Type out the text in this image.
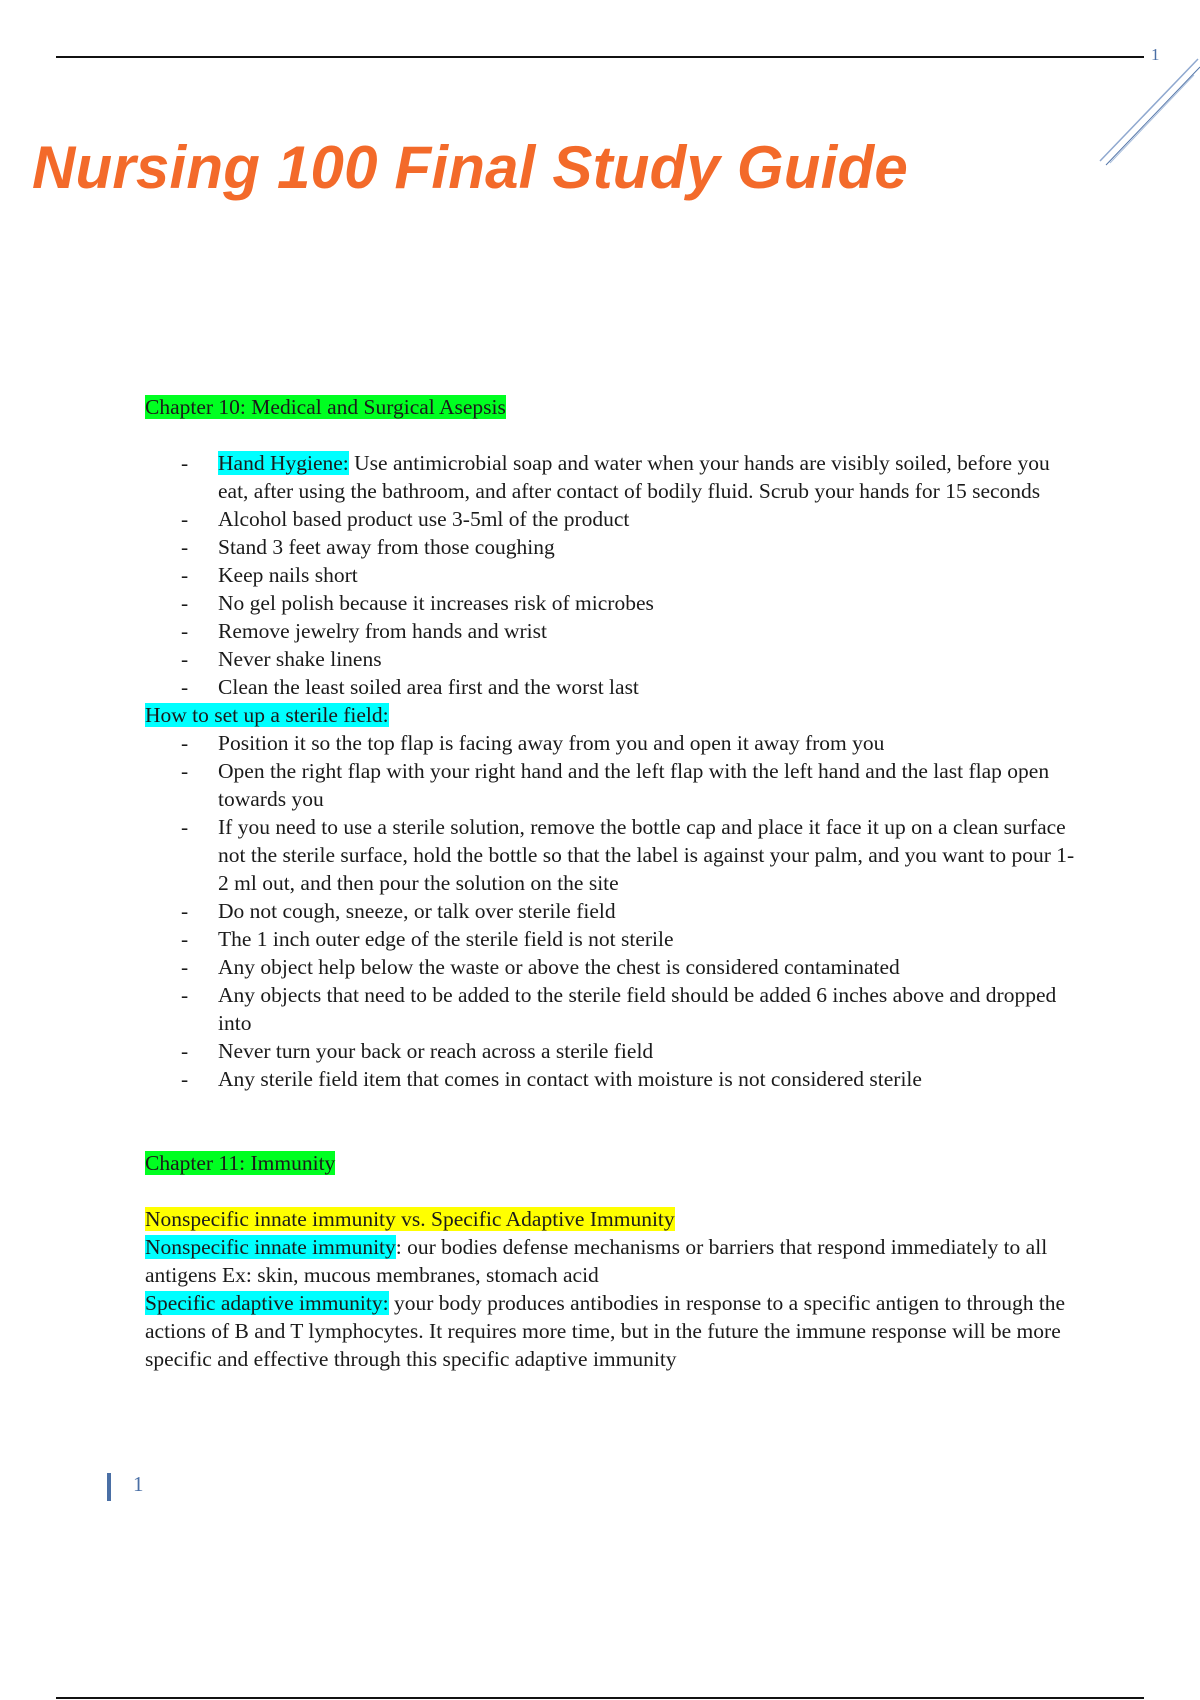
1
Nursing 100 Final Study Guide
Chapter 10: Medical and Surgical Asepsis
- Hand Hygiene: Use antimicrobial soap and water when your hands are visibly soiled, before you eat, after using the bathroom, and after contact of bodily fluid. Scrub your hands for 15 seconds
- Alcohol based product use 3-5ml of the product
- Stand 3 feet away from those coughing
- Keep nails short
- No gel polish because it increases risk of microbes
- Remove jewelry from hands and wrist
- Never shake linens
- Clean the least soiled area first and the worst last
How to set up a sterile field:
- Position it so the top flap is facing away from you and open it away from you
- Open the right flap with your right hand and the left flap with the left hand and the last flap open towards you
- If you need to use a sterile solution, remove the bottle cap and place it face it up on a clean surface not the sterile surface, hold the bottle so that the label is against your palm, and you want to pour 1-2 ml out, and then pour the solution on the site
- Do not cough, sneeze, or talk over sterile field
- The 1 inch outer edge of the sterile field is not sterile
- Any object help below the waste or above the chest is considered contaminated
- Any objects that need to be added to the sterile field should be added 6 inches above and dropped into
- Never turn your back or reach across a sterile field
- Any sterile field item that comes in contact with moisture is not considered sterile
Chapter 11: Immunity
Nonspecific innate immunity vs. Specific Adaptive Immunity

Nonspecific innate immunity: our bodies defense mechanisms or barriers that respond immediately to all antigens Ex: skin, mucous membranes, stomach acid

Specific adaptive immunity: your body produces antibodies in response to a specific antigen to through the actions of B and T lymphocytes. It requires more time, but in the future the immune response will be more specific and effective through this specific adaptive immunity

1
